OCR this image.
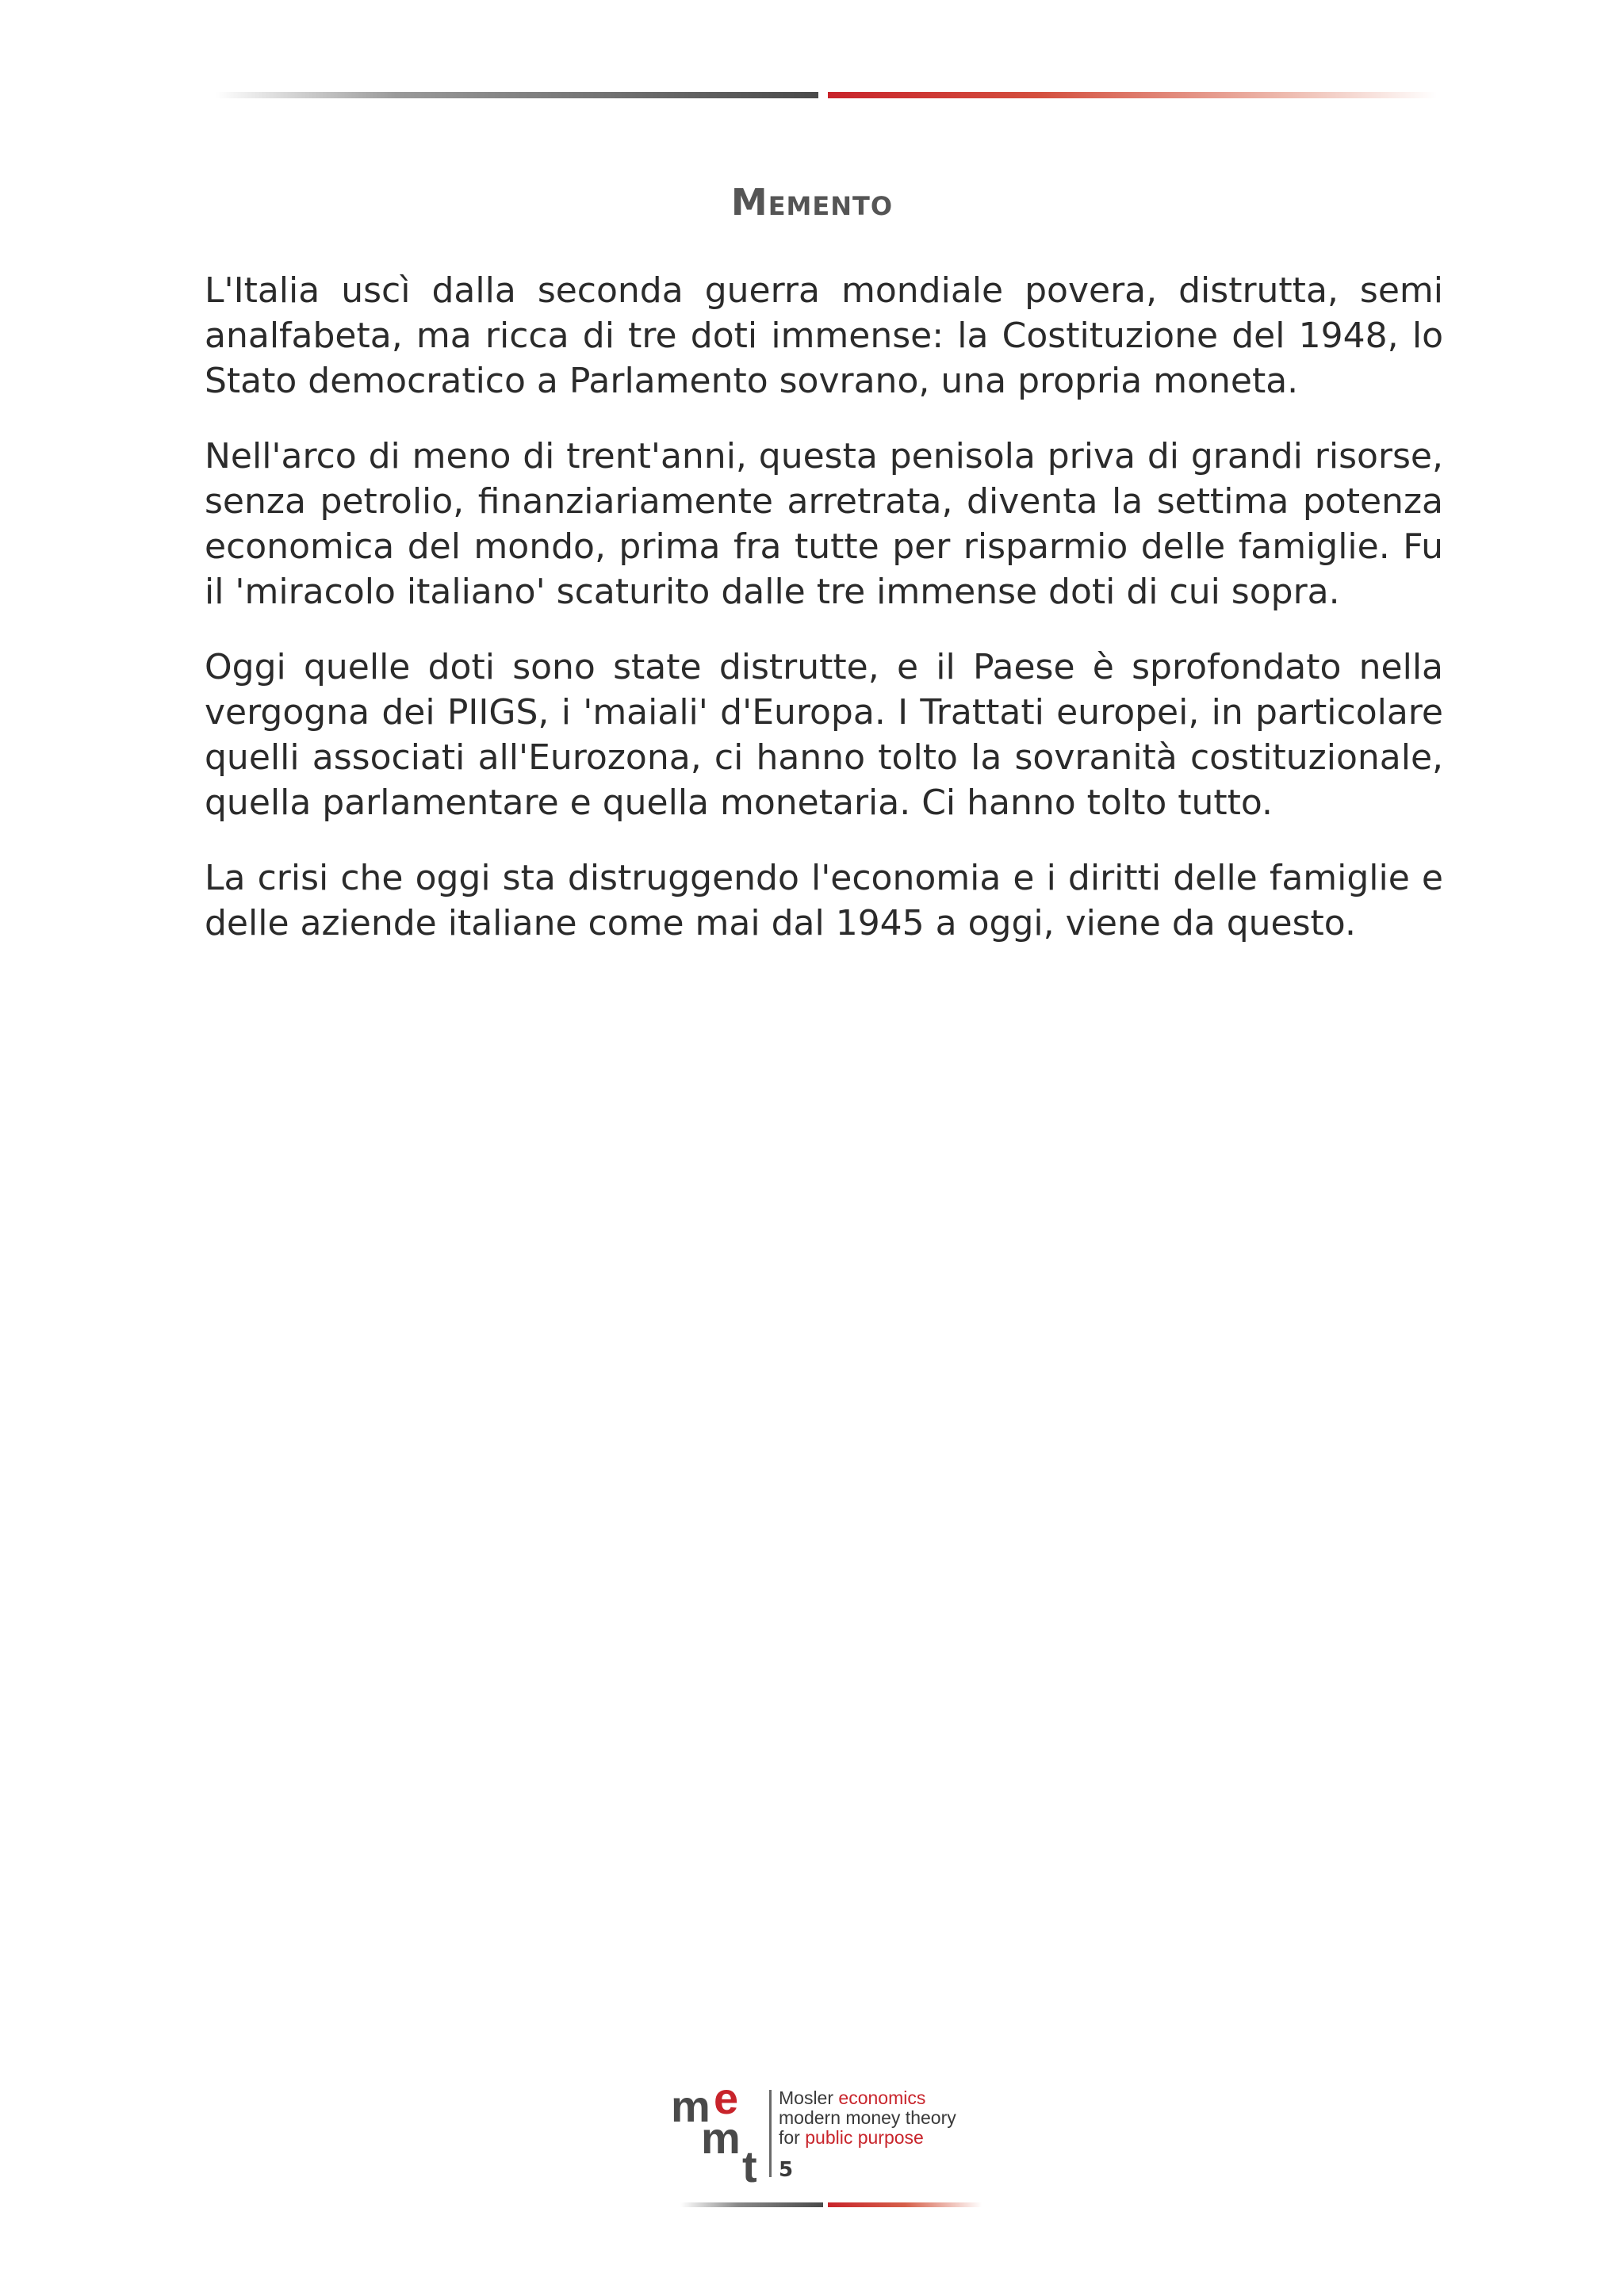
Memento

L'Italia uscì dalla seconda guerra mondiale povera, distrutta, semi analfabeta, ma ricca di tre doti immense: la Costituzione del 1948, lo Stato democratico a Parlamento sovrano, una propria moneta.

Nell'arco di meno di trent'anni, questa penisola priva di grandi risorse, senza petrolio, finanziariamente arretrata, diventa la settima potenza economica del mondo, prima fra tutte per risparmio delle famiglie. Fu il 'miracolo italiano' scaturito dalle tre immense doti di cui sopra.

Oggi quelle doti sono state distrutte, e il Paese è sprofondato nella vergogna dei PIIGS, i 'maiali' d'Europa. I Trattati europei, in particolare quelli associati all'Eurozona, ci hanno tolto la sovranità costituzionale, quella parlamentare e quella monetaria. Ci hanno tolto tutto.

La crisi che oggi sta distruggendo l'economia e i diritti delle famiglie e delle aziende italiane come mai dal 1945 a oggi, viene da questo.

m e
m
t
Mosler economics
modern money theory
for public purpose
5
